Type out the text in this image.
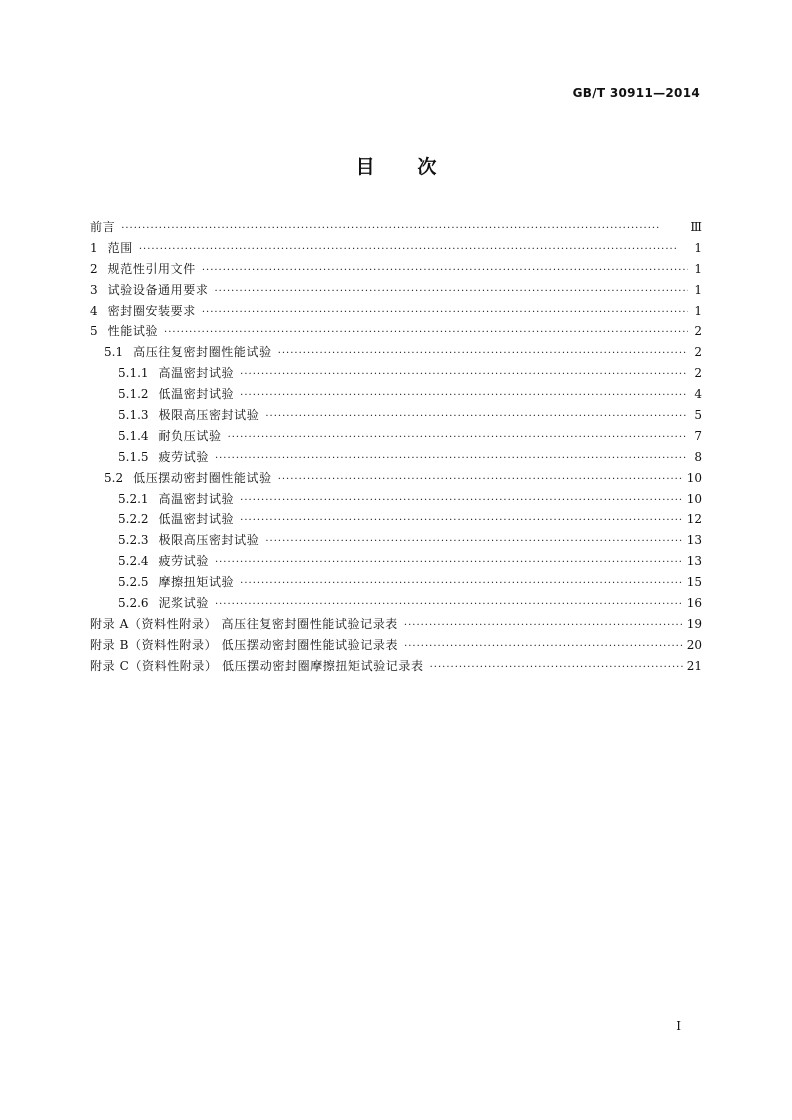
GB/T 30911—2014
目 次
前言 ·····	Ⅲ
1 范围 ·····	1
2 规范性引用文件 ·····	1
3 试验设备通用要求 ·····	1
4 密封圈安装要求 ·····	1
5 性能试验 ·····	2
5.1 高压往复密封圈性能试验 ·····	2
5.1.1 高温密封试验 ·····	2
5.1.2 低温密封试验 ·····	4
5.1.3 极限高压密封试验 ·····	5
5.1.4 耐负压试验 ·····	7
5.1.5 疲劳试验 ·····	8
5.2 低压摆动密封圈性能试验 ·····	10
5.2.1 高温密封试验 ·····	10
5.2.2 低温密封试验 ·····	12
5.2.3 极限高压密封试验 ·····	13
5.2.4 疲劳试验 ·····	13
5.2.5 摩擦扭矩试验 ·····	15
5.2.6 泥浆试验 ·····	16
附录 A（资料性附录） 高压往复密封圈性能试验记录表 ·····	19
附录 B（资料性附录） 低压摆动密封圈性能试验记录表 ·····	20
附录 C（资料性附录） 低压摆动密封圈摩擦扭矩试验记录表 ·····	21
Ⅰ
